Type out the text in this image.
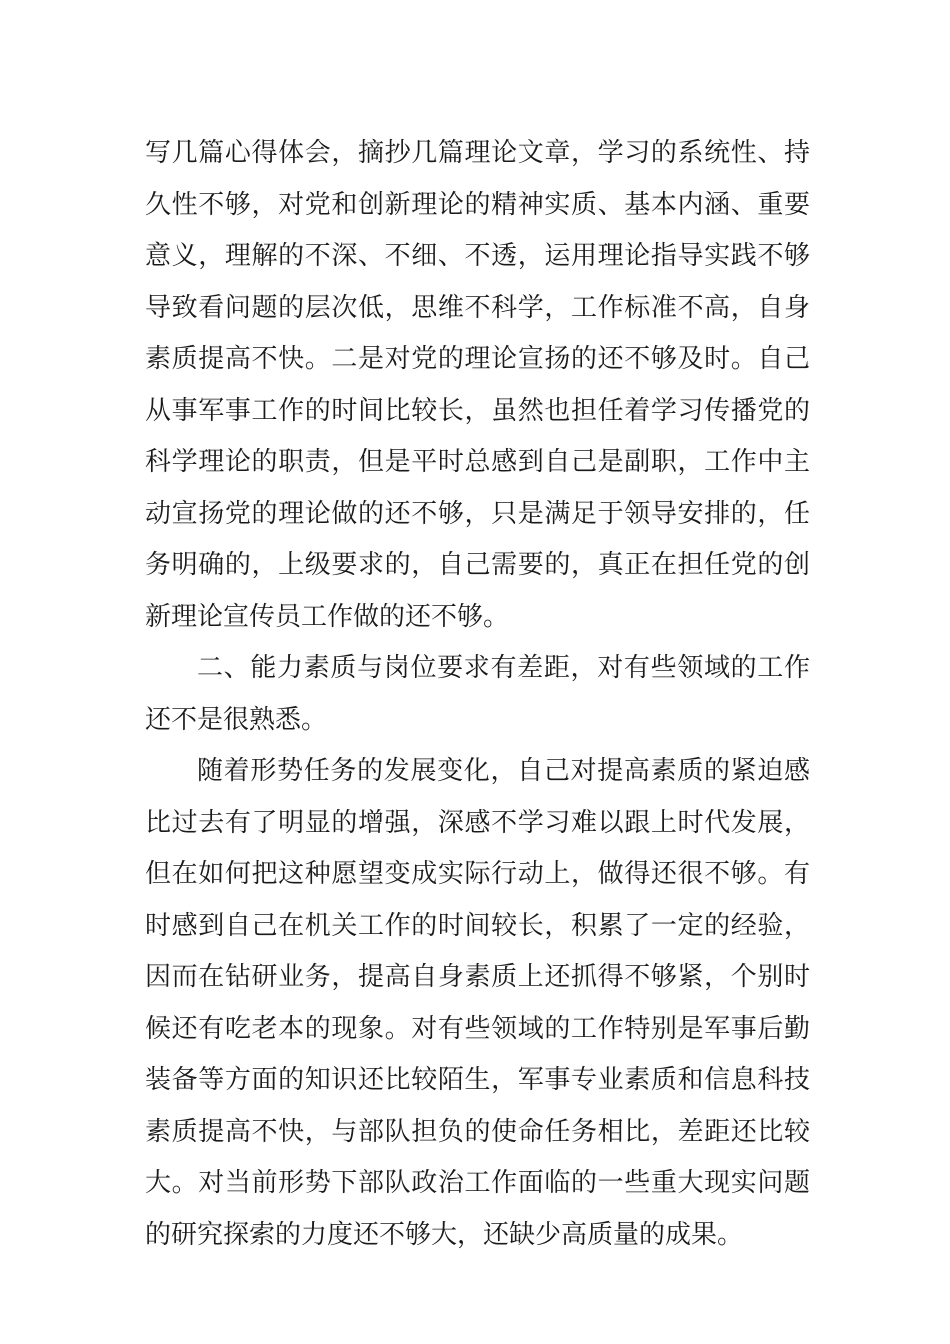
写几篇心得体会，摘抄几篇理论文章，学习的系统性、持
久性不够，对党和创新理论的精神实质、基本内涵、重要
意义，理解的不深、不细、不透，运用理论指导实践不够
导致看问题的层次低，思维不科学，工作标准不高，自身
素质提高不快。二是对党的理论宣扬的还不够及时。自己
从事军事工作的时间比较长，虽然也担任着学习传播党的
科学理论的职责，但是平时总感到自己是副职，工作中主
动宣扬党的理论做的还不够，只是满足于领导安排的，任
务明确的，上级要求的，自己需要的，真正在担任党的创
新理论宣传员工作做的还不够。
二、能力素质与岗位要求有差距，对有些领域的工作
还不是很熟悉。
随着形势任务的发展变化，自己对提高素质的紧迫感
比过去有了明显的增强，深感不学习难以跟上时代发展，
但在如何把这种愿望变成实际行动上，做得还很不够。有
时感到自己在机关工作的时间较长，积累了一定的经验，
因而在钻研业务，提高自身素质上还抓得不够紧，个别时
候还有吃老本的现象。对有些领域的工作特别是军事后勤
装备等方面的知识还比较陌生，军事专业素质和信息科技
素质提高不快，与部队担负的使命任务相比，差距还比较
大。对当前形势下部队政治工作面临的一些重大现实问题
的研究探索的力度还不够大，还缺少高质量的成果。
